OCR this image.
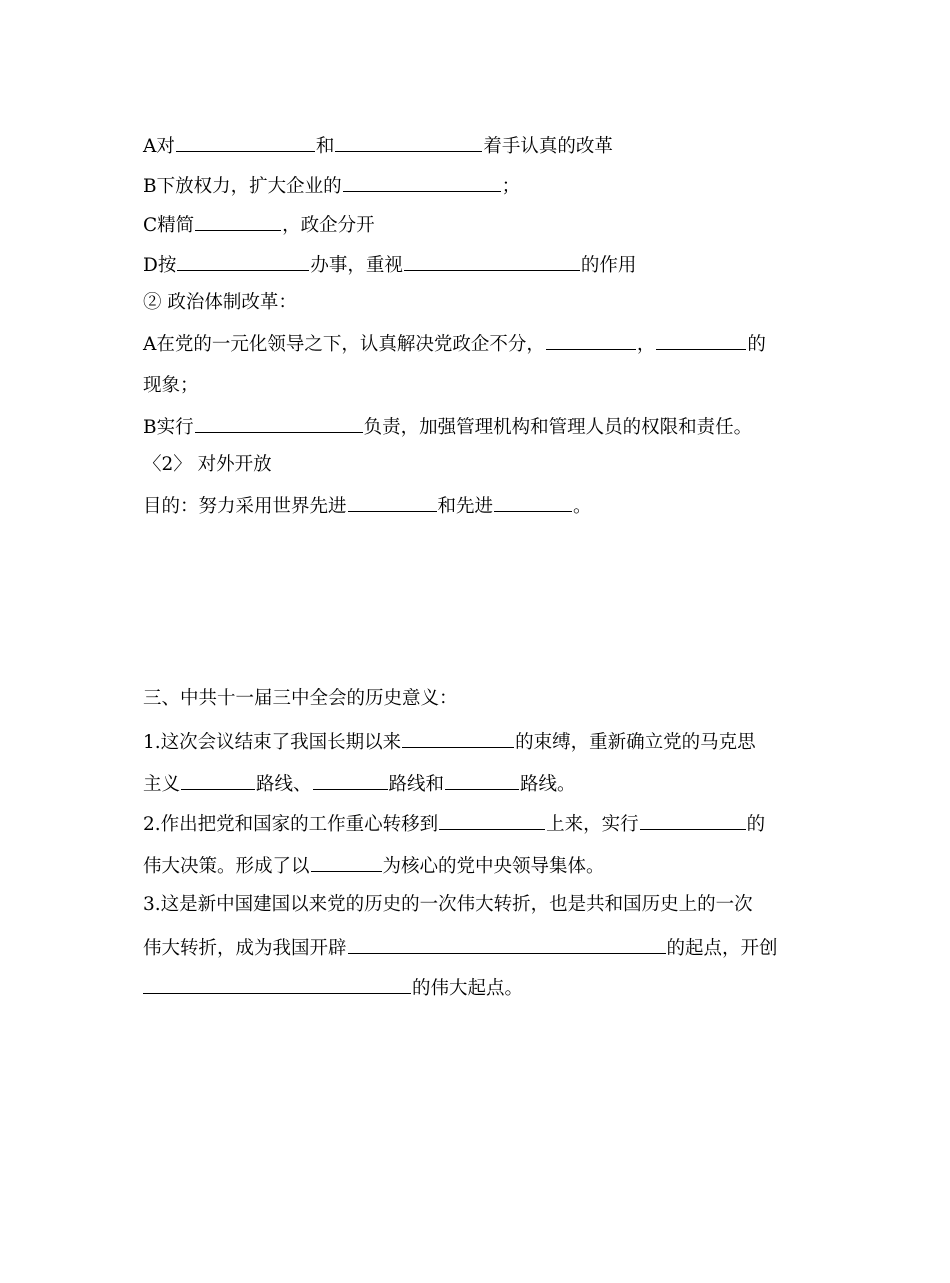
A对	和	着手认真的改革
B下放权力，扩大企业的	；
C精简	，政企分开
D按	办事，重视	的作用
② 政治体制改革：
A在党的一元化领导之下，认真解决党政企不分，	，	的
现象；
B实行	负责，加强管理机构和管理人员的权限和责任。
〈2〉 对外开放
目的：努力采用世界先进	和先进	。
三、中共十一届三中全会的历史意义：
1.这次会议结束了我国长期以来	的束缚，重新确立党的马克思
主义	路线、	路线和	路线。
2.作出把党和国家的工作重心转移到	上来，实行	的
伟大决策。形成了以	为核心的党中央领导集体。
3.这是新中国建国以来党的历史的一次伟大转折，也是共和国历史上的一次
伟大转折，成为我国开辟	的起点，开创
的伟大起点。
